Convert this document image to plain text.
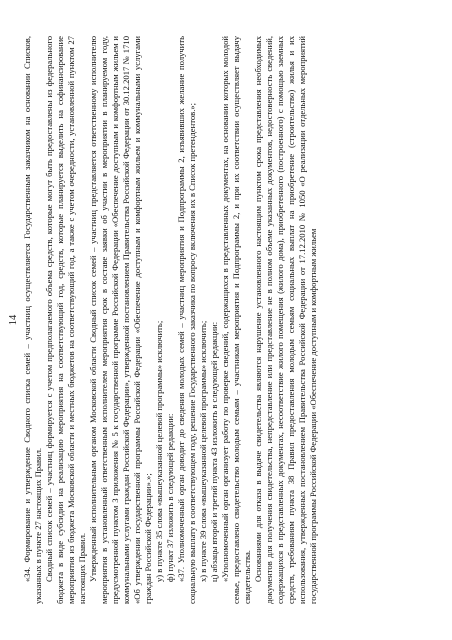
14 «34. Формирование и утверждение Сводного списка семей – участниц осуществляется Государственным заказчиком на основании Списков, указанных в пункте 27 настоящих Правил. Сводный список семей – участниц формируется с учетом предполагаемого объема средств, которые могут быть предоставлены из федерального бюджета в виде субсидии на реализацию мероприятия на соответствующий год, средств, которые планируется выделить на софинансирование мероприятия из бюджета Московской области и местных бюджетов на соответствующий год, а также с учетом очередности, установленной пунктом 27 настоящих Правил. Утвержденный исполнительным органом Московской области Сводный список семей – участниц представляется ответственному исполнителю мероприятия в установленный ответственным исполнителем мероприятия срок в составе заявки об участии в мероприятии в планируемом году, предусмотренной пунктом 3 приложения № 5 к государственной программе Российской Федерации «Обеспечение доступным и комфортным жильем и коммунальными услугами граждан Российской Федерации», утвержденной постановлением Правительства Российской Федерации от 30.12.2017 № 1710 «Об утверждении государственной программы Российской Федерации «Обеспечение доступным и комфортным жильем и коммунальными услугами граждан Российской Федерации».»; у) в пункте 35 слова «вышеуказанной целевой программы» исключить; ф) пункт 37 изложить в следующей редакции: «37. Уполномоченный орган доводит до сведения молодых семей – участниц мероприятия и Подпрограммы 2, изъявивших желание получить социальную выплату в соответствующем году, решение Государственного заказчика по вопросу включения их в Список претендентов.»; х) в пункте 39 слова «вышеуказанной целевой программы» исключить; ц) абзацы второй и третий пункта 43 изложить в следующей редакции: «Уполномоченный орган организует работу по проверке сведений, содержащихся в представленных документах, на основании которых молодой семье, предоставлено свидетельство молодым семьям – участникам мероприятия и Подпрограммы 2, и при их соответствии осуществляет выдачу свидетельства. Основаниями для отказа в выдаче свидетельства являются нарушение установленного настоящим пунктом срока представления необходимых документов для получения свидетельства, непредставление или представление не в полном объеме указанных документов, недостоверность сведений, содержащихся в представленных документах, несоответствие жилого помещения (жилого дома), приобретенного (построенного) с помощью заемных средств, требованиям пункта 38 Правил предоставления молодым семьям социальных выплат на приобретение (строительство) жилья и их использования, утвержденных постановлением Правительства Российской Федерации от 17.12.2010 № 1050 «О реализации отдельных мероприятий государственной программы Российской Федерации «Обеспечение доступным и комфортным жильем
